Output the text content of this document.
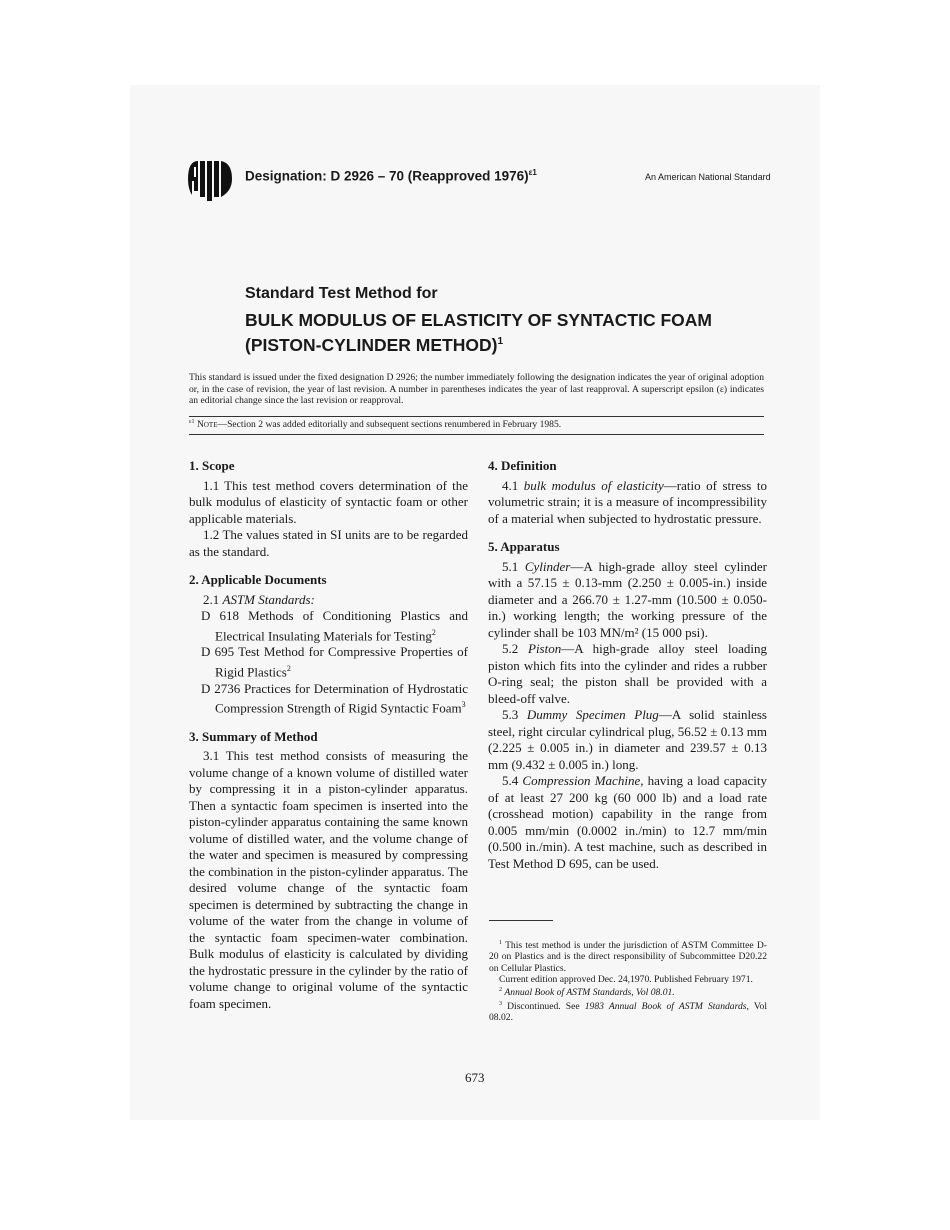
Designation: D 2926 – 70 (Reapproved 1976)$^{\varepsilon 1}$	An American National Standard
Standard Test Method for
BULK MODULUS OF ELASTICITY OF SYNTACTIC FOAM
(PISTON-CYLINDER METHOD)$^1$
This standard is issued under the fixed designation D 2926; the number immediately following the designation indicates the year of original adoption or, in the case of revision, the year of last revision. A number in parentheses indicates the year of last reapproval. A superscript epsilon (ε) indicates an editorial change since the last revision or reapproval.
$^{\varepsilon 1}$ Note—Section 2 was added editorially and subsequent sections renumbered in February 1985.
1. Scope

1.1 This test method covers determination of the bulk modulus of elasticity of syntactic foam or other applicable materials.

1.2 The values stated in SI units are to be regarded as the standard.

2. Applicable Documents

2.1 ASTM Standards:

D 618 Methods of Conditioning Plastics and Electrical Insulating Materials for Testing$^2$

D 695 Test Method for Compressive Properties of Rigid Plastics$^2$

D 2736 Practices for Determination of Hydrostatic Compression Strength of Rigid Syntactic Foam$^3$

3. Summary of Method

3.1 This test method consists of measuring the volume change of a known volume of distilled water by compressing it in a piston-cylinder apparatus. Then a syntactic foam specimen is inserted into the piston-cylinder apparatus containing the same known volume of distilled water, and the volume change of the water and specimen is measured by compressing the combination in the piston-cylinder apparatus. The desired volume change of the syntactic foam specimen is determined by subtracting the change in volume of the water from the change in volume of the syntactic foam specimen-water combination. Bulk modulus of elasticity is calculated by dividing the hydrostatic pressure in the cylinder by the ratio of volume change to original volume of the syntactic foam specimen.

4. Definition

4.1 bulk modulus of elasticity—ratio of stress to volumetric strain; it is a measure of incompressibility of a material when subjected to hydrostatic pressure.

5. Apparatus

5.1 Cylinder—A high-grade alloy steel cylinder with a 57.15 ± 0.13-mm (2.250 ± 0.005-in.) inside diameter and a 266.70 ± 1.27-mm (10.500 ± 0.050-in.) working length; the working pressure of the cylinder shall be 103 MN/m² (15 000 psi).

5.2 Piston—A high-grade alloy steel loading piston which fits into the cylinder and rides a rubber O-ring seal; the piston shall be provided with a bleed-off valve.

5.3 Dummy Specimen Plug—A solid stainless steel, right circular cylindrical plug, 56.52 ± 0.13 mm (2.225 ± 0.005 in.) in diameter and 239.57 ± 0.13 mm (9.432 ± 0.005 in.) long.

5.4 Compression Machine, having a load capacity of at least 27 200 kg (60 000 lb) and a load rate (crosshead motion) capability in the range from 0.005 mm/min (0.0002 in./min) to 12.7 mm/min (0.500 in./min). A test machine, such as described in Test Method D 695, can be used.

$^1$ This test method is under the jurisdiction of ASTM Committee D-20 on Plastics and is the direct responsibility of Subcommittee D20.22 on Cellular Plastics.

Current edition approved Dec. 24,1970. Published February 1971.

$^2$ Annual Book of ASTM Standards, Vol 08.01.

$^3$ Discontinued. See 1983 Annual Book of ASTM Standards, Vol 08.02.

673
